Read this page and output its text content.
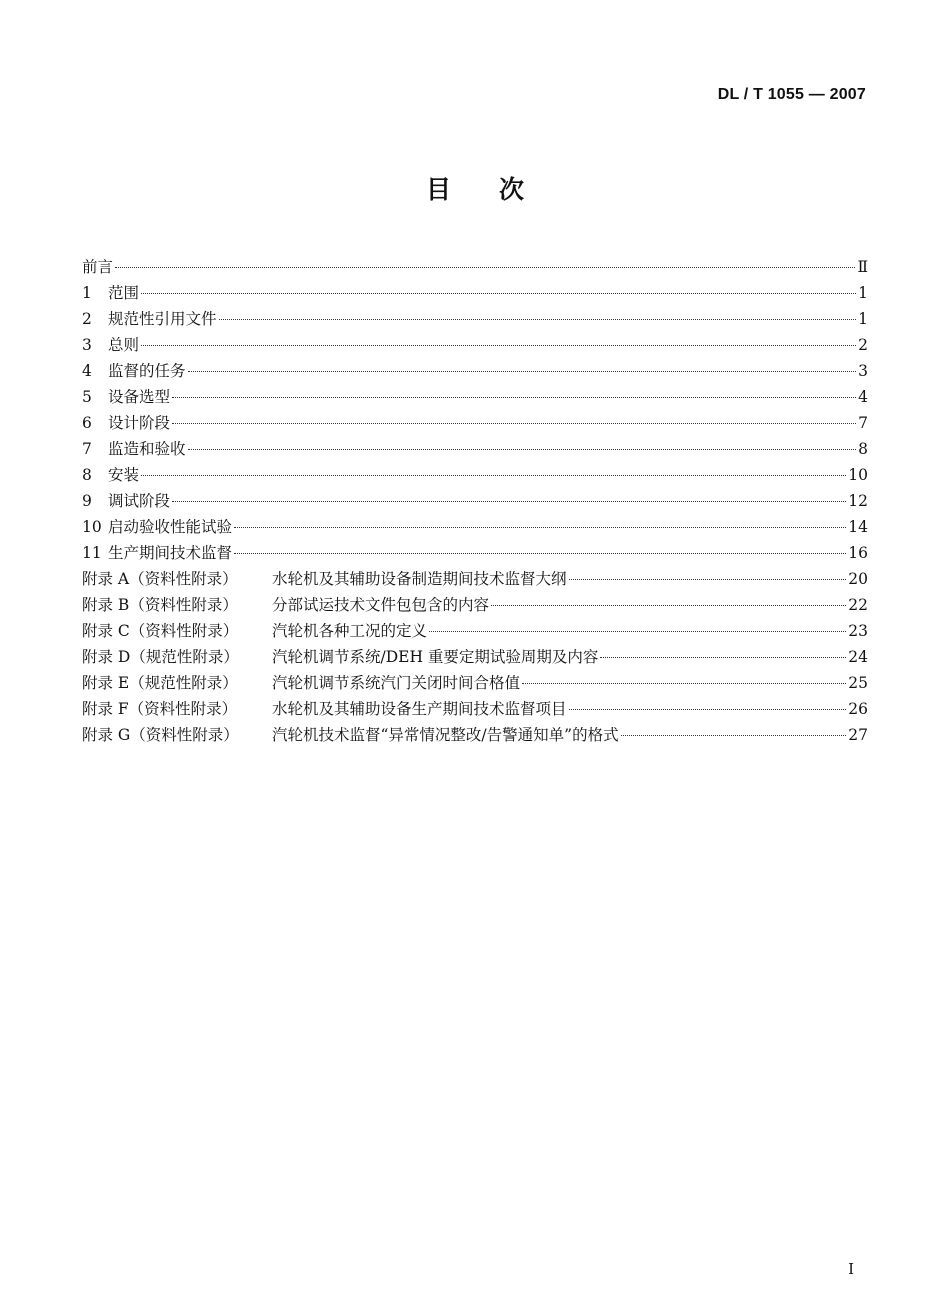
DL / T 1055 — 2007
目次
前言	Ⅱ
1	范围	1
2	规范性引用文件	1
3	总则	2
4	监督的任务	3
5	设备选型	4
6	设计阶段	7
7	监造和验收	8
8	安装	10
9	调试阶段	12
10 启动验收性能试验	14
11 生产期间技术监督	16
附录 A（资料性附录）	水轮机及其辅助设备制造期间技术监督大纲	20
附录 B（资料性附录）	分部试运技术文件包包含的内容	22
附录 C（资料性附录）	汽轮机各种工况的定义	23
附录 D（规范性附录）	汽轮机调节系统/DEH 重要定期试验周期及内容	24
附录 E（规范性附录）	汽轮机调节系统汽门关闭时间合格值	25
附录 F（资料性附录）	水轮机及其辅助设备生产期间技术监督项目	26
附录 G（资料性附录）	汽轮机技术监督“异常情况整改/告警通知单”的格式	27
I
